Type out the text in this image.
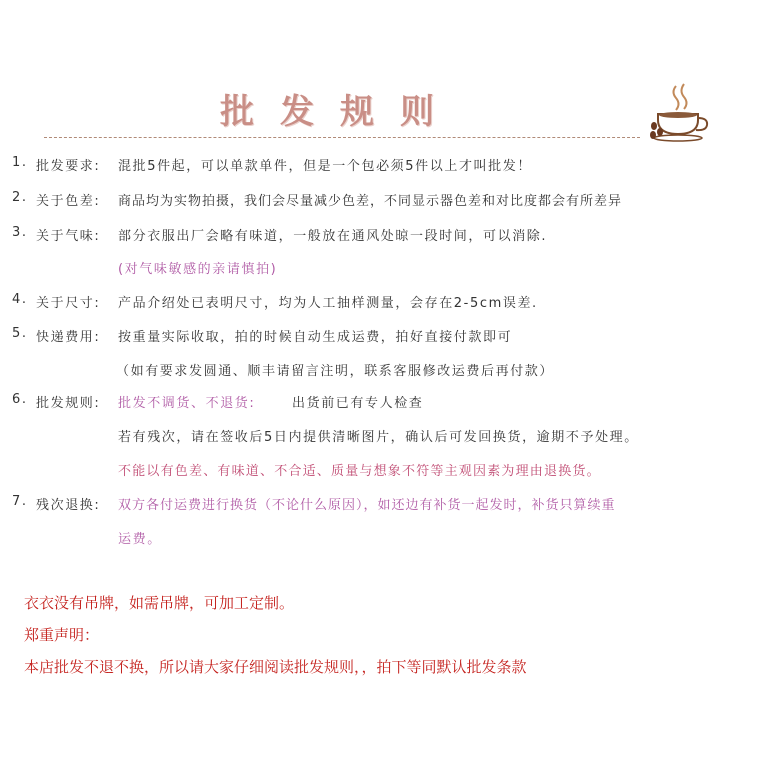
批发规则
1. 批发要求: 混批5件起，可以单款单件，但是一个包必须5件以上才叫批发！
2. 关于色差: 商品均为实物拍摄，我们会尽量减少色差，不同显示器色差和对比度都会有所差异
3. 关于气味: 部分衣服出厂会略有味道，一般放在通风处晾一段时间，可以消除.
(对气味敏感的亲请慎拍)
4. 关于尺寸: 产品介绍处已表明尺寸，均为人工抽样测量，会存在2-5cm误差.
5. 快递费用: 按重量实际收取，拍的时候自动生成运费，拍好直接付款即可
（如有要求发圆通、顺丰请留言注明，联系客服修改运费后再付款）
6. 批发规则: 批发不调货、不退货:	出货前已有专人检查
若有残次，请在签收后5日内提供清晰图片，确认后可发回换货，逾期不予处理。
不能以有色差、有味道、不合适、质量与想象不符等主观因素为理由退换货。
7. 残次退换: 双方各付运费进行换货（不论什么原因），如还边有补货一起发时，补货只算续重
运费。
衣衣没有吊牌，如需吊牌，可加工定制。
郑重声明：
本店批发不退不换，所以请大家仔细阅读批发规则，，拍下等同默认批发条款
